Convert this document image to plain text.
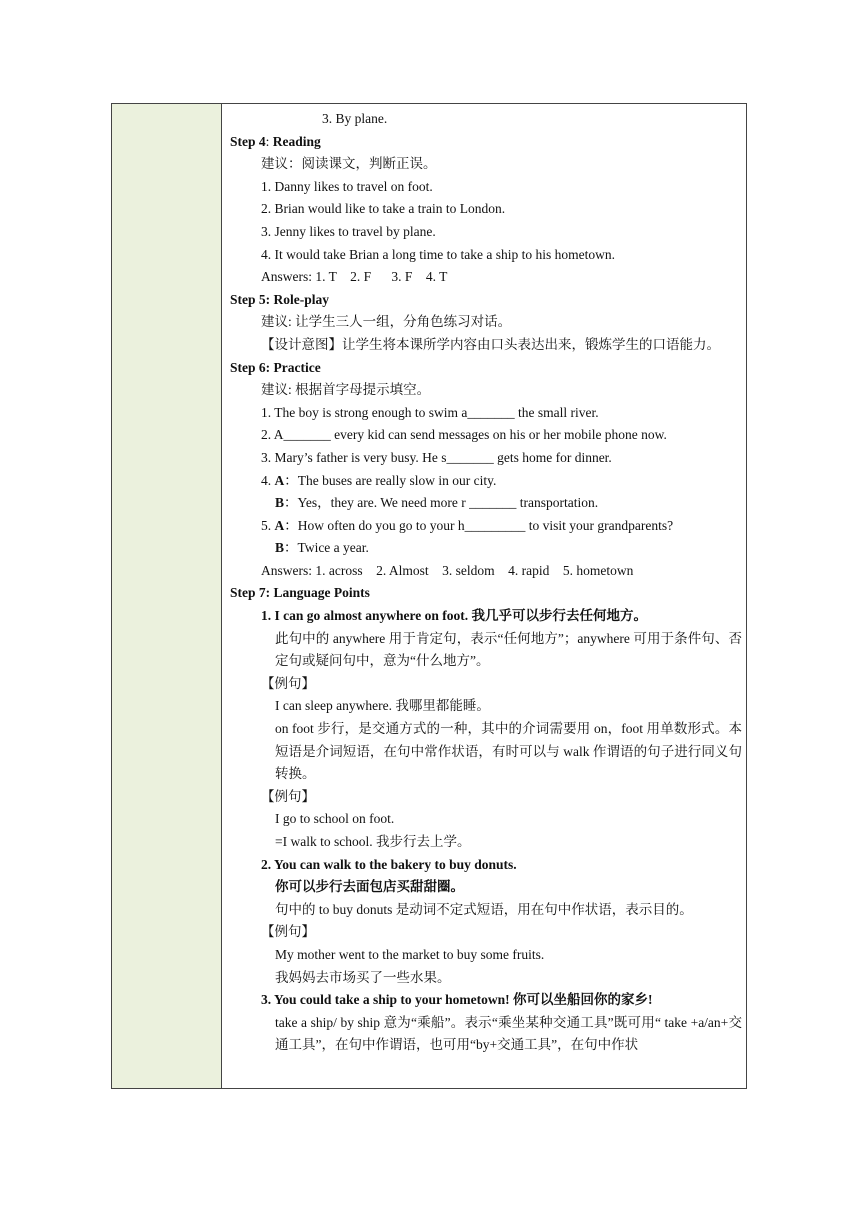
3. By plane.
Step 4: Reading
建议：阅读课文，判断正误。
1. Danny likes to travel on foot.
2. Brian would like to take a train to London.
3. Jenny likes to travel by plane.
4. It would take Brian a long time to take a ship to his hometown.
Answers: 1. T    2. F      3. F    4. T
Step 5: Role-play
建议: 让学生三人一组，分角色练习对话。
【设计意图】让学生将本课所学内容由口头表达出来，锻炼学生的口语能力。
Step 6: Practice
建议: 根据首字母提示填空。
1. The boy is strong enough to swim a_______ the small river.
2. A_______ every kid can send messages on his or her mobile phone now.
3. Mary’s father is very busy. He s_______ gets home for dinner.
4. A：The buses are really slow in our city.
B：Yes，they are. We need more r _______ transportation.
5. A：How often do you go to your h_________ to visit your grandparents?
B：Twice a year.
Answers: 1. across    2. Almost    3. seldom    4. rapid    5. hometown
Step 7: Language Points
1. I can go almost anywhere on foot. 我几乎可以步行去任何地方。
此句中的 anywhere 用于肯定句，表示“任何地方”；anywhere 可用于条件句、否定句或疑问句中，意为“什么地方”。
【例句】
I can sleep anywhere. 我哪里都能睡。
on foot 步行，是交通方式的一种，其中的介词需要用 on，foot 用单数形式。本短语是介词短语，在句中常作状语，有时可以与 walk 作谓语的句子进行同义句转换。
【例句】
I go to school on foot.
=I walk to school. 我步行去上学。
2. You can walk to the bakery to buy donuts.
你可以步行去面包店买甜甜圈。
句中的 to buy donuts 是动词不定式短语，用在句中作状语，表示目的。
【例句】
My mother went to the market to buy some fruits.
我妈妈去市场买了一些水果。
3. You could take a ship to your hometown! 你可以坐船回你的家乡!
take a ship/ by ship 意为“乘船”。表示“乘坐某种交通工具”既可用“ take +a/an+交通工具”，在句中作谓语，也可用“by+交通工具”，在句中作状
